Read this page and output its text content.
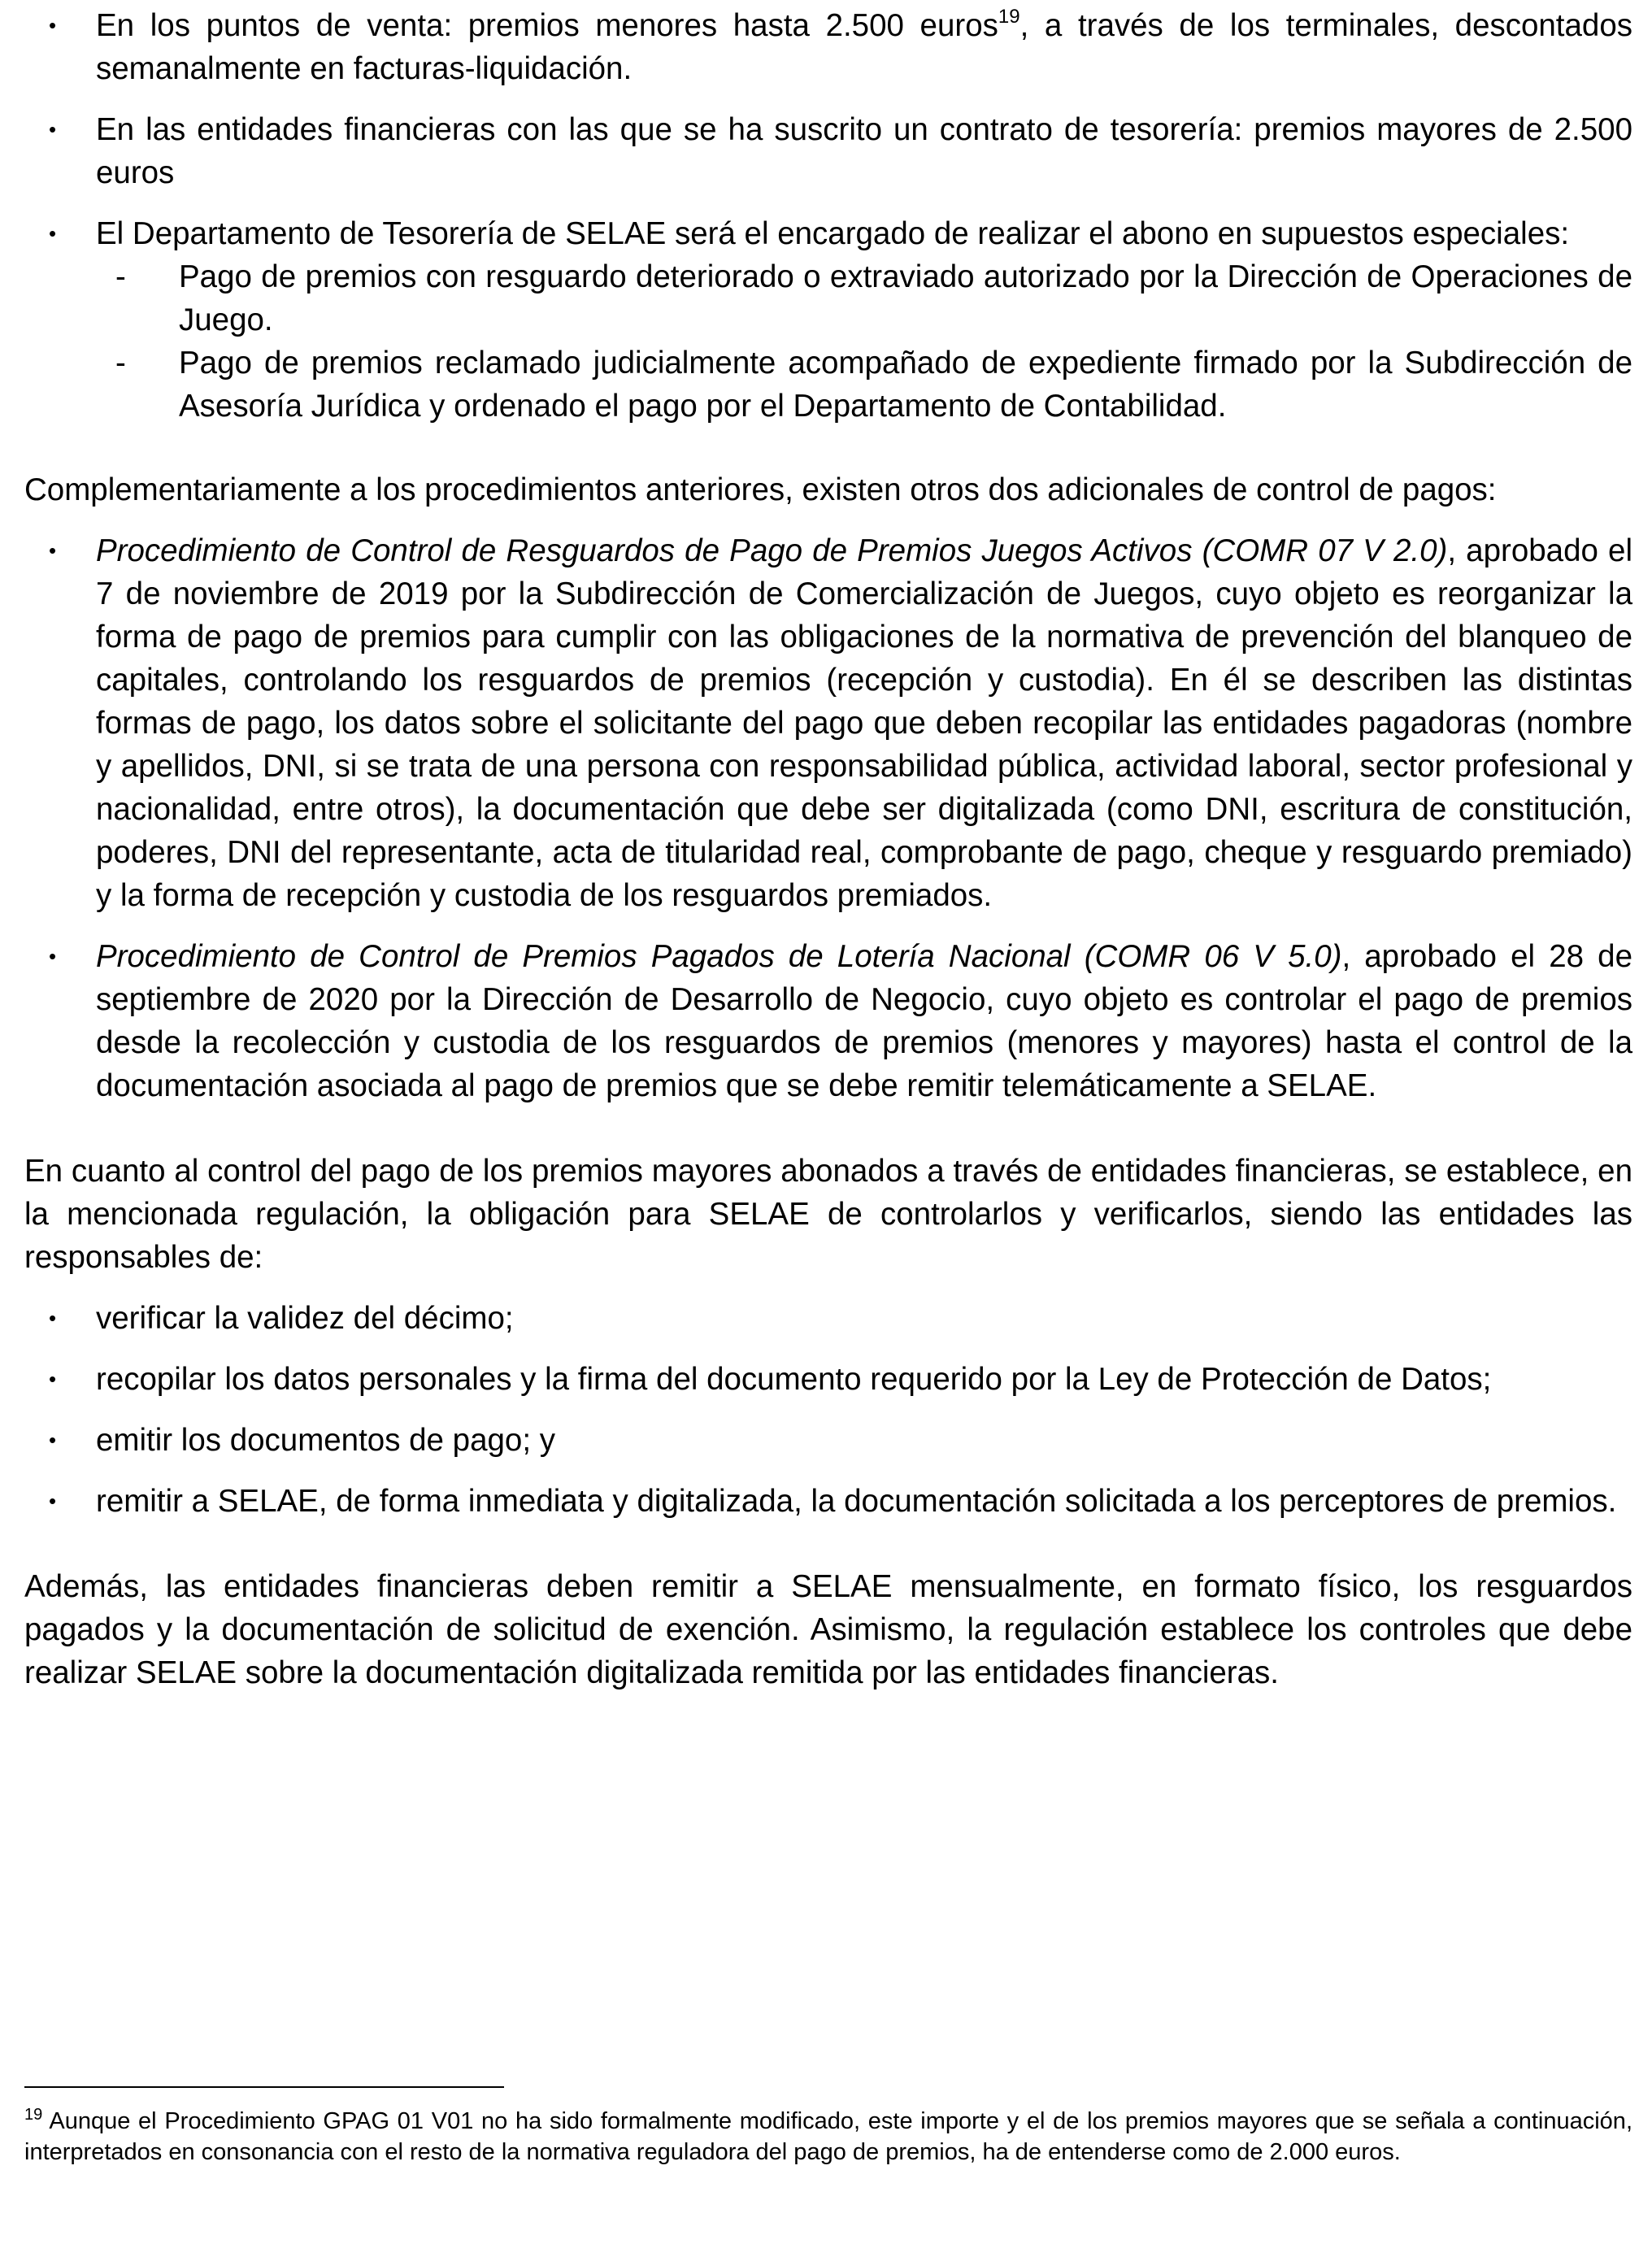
• En los puntos de venta: premios menores hasta 2.500 euros$^{19}$, a través de los terminales, descontados semanalmente en facturas-liquidación.
• En las entidades financieras con las que se ha suscrito un contrato de tesorería: premios mayores de 2.500 euros
• El Departamento de Tesorería de SELAE será el encargado de realizar el abono en supuestos especiales:
- Pago de premios con resguardo deteriorado o extraviado autorizado por la Dirección de Operaciones de Juego.
- Pago de premios reclamado judicialmente acompañado de expediente firmado por la Subdirección de Asesoría Jurídica y ordenado el pago por el Departamento de Contabilidad.

Complementariamente a los procedimientos anteriores, existen otros dos adicionales de control de pagos:

• Procedimiento de Control de Resguardos de Pago de Premios Juegos Activos (COMR 07 V 2.0), aprobado el 7 de noviembre de 2019 por la Subdirección de Comercialización de Juegos, cuyo objeto es reorganizar la forma de pago de premios para cumplir con las obligaciones de la normativa de prevención del blanqueo de capitales, controlando los resguardos de premios (recepción y custodia). En él se describen las distintas formas de pago, los datos sobre el solicitante del pago que deben recopilar las entidades pagadoras (nombre y apellidos, DNI, si se trata de una persona con responsabilidad pública, actividad laboral, sector profesional y nacionalidad, entre otros), la documentación que debe ser digitalizada (como DNI, escritura de constitución, poderes, DNI del representante, acta de titularidad real, comprobante de pago, cheque y resguardo premiado) y la forma de recepción y custodia de los resguardos premiados.
• Procedimiento de Control de Premios Pagados de Lotería Nacional (COMR 06 V 5.0), aprobado el 28 de septiembre de 2020 por la Dirección de Desarrollo de Negocio, cuyo objeto es controlar el pago de premios desde la recolección y custodia de los resguardos de premios (menores y mayores) hasta el control de la documentación asociada al pago de premios que se debe remitir telemáticamente a SELAE.

En cuanto al control del pago de los premios mayores abonados a través de entidades financieras, se establece, en la mencionada regulación, la obligación para SELAE de controlarlos y verificarlos, siendo las entidades las responsables de:

• verificar la validez del décimo;
• recopilar los datos personales y la firma del documento requerido por la Ley de Protección de Datos;
• emitir los documentos de pago; y
• remitir a SELAE, de forma inmediata y digitalizada, la documentación solicitada a los perceptores de premios.

Además, las entidades financieras deben remitir a SELAE mensualmente, en formato físico, los resguardos pagados y la documentación de solicitud de exención. Asimismo, la regulación establece los controles que debe realizar SELAE sobre la documentación digitalizada remitida por las entidades financieras.

$^{19}$ Aunque el Procedimiento GPAG 01 V01 no ha sido formalmente modificado, este importe y el de los premios mayores que se señala a continuación, interpretados en consonancia con el resto de la normativa reguladora del pago de premios, ha de entenderse como de 2.000 euros.
